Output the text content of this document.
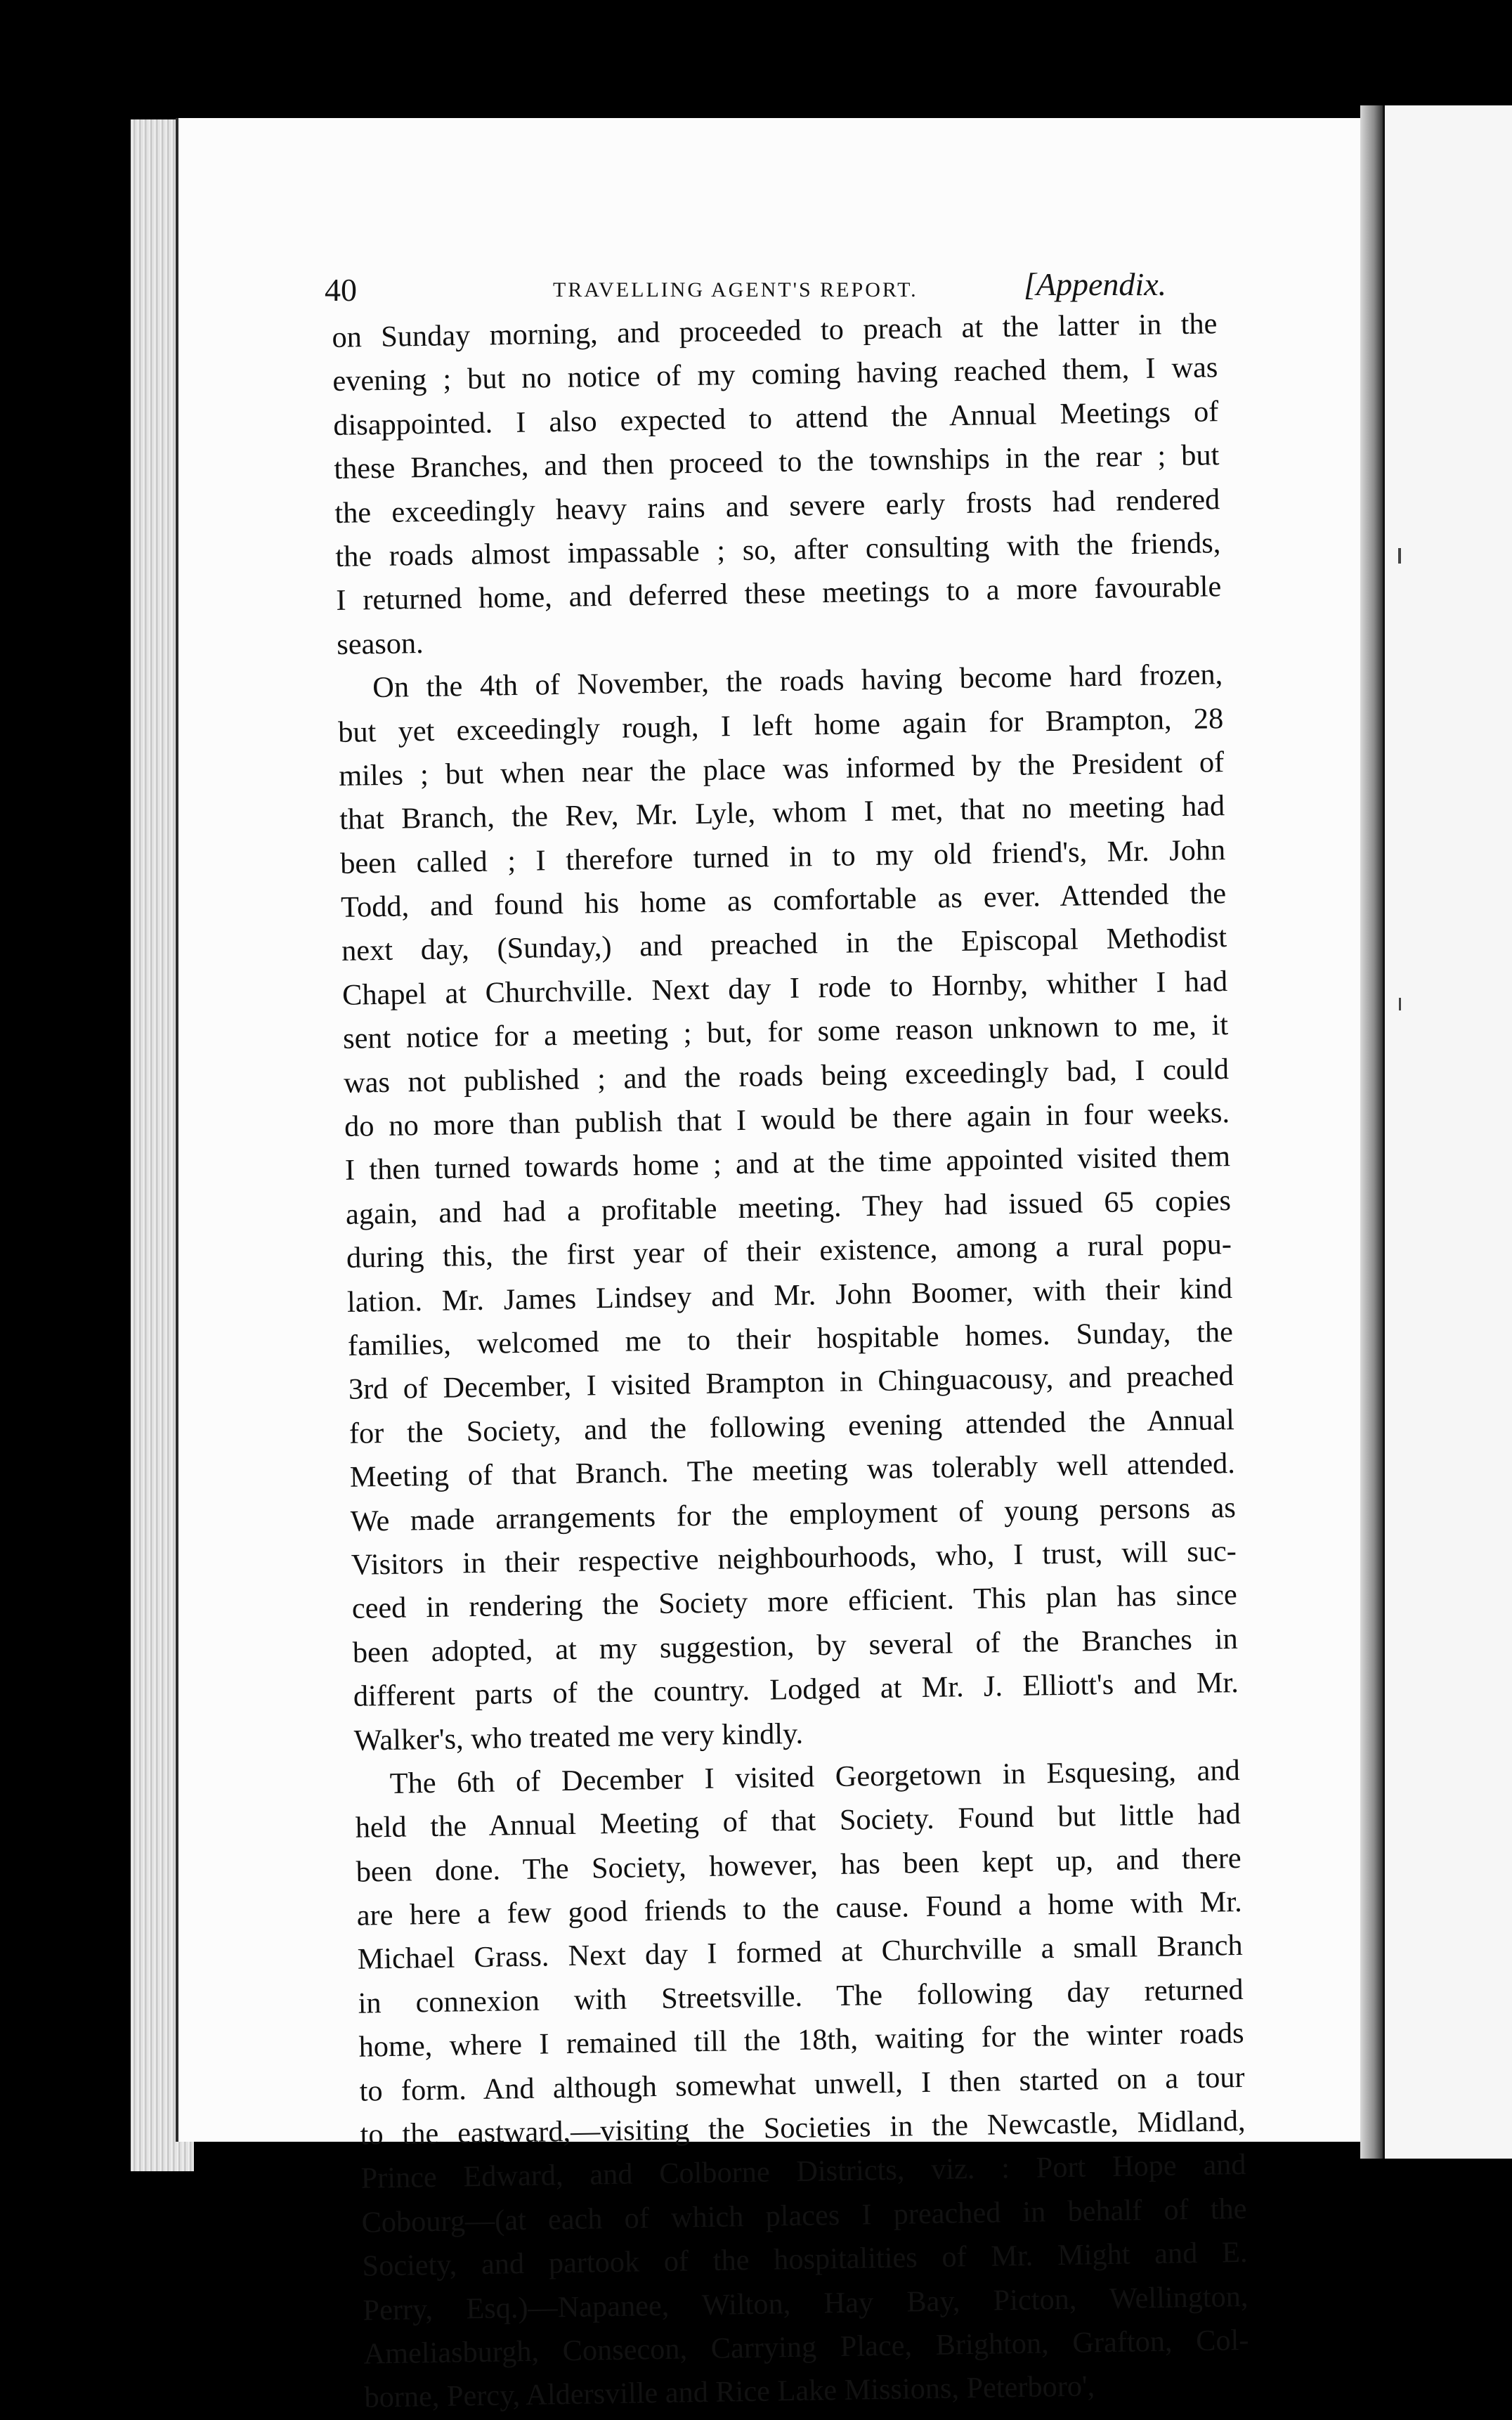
40	TRAVELLING AGENT'S REPORT.	[Appendix.
on Sunday morning, and proceeded to preach at the latter in the
evening ; but no notice of my coming having reached them, I was
disappointed. I also expected to attend the Annual Meetings of
these Branches, and then proceed to the townships in the rear ; but
the exceedingly heavy rains and severe early frosts had rendered
the roads almost impassable ; so, after consulting with the friends,
I returned home, and deferred these meetings to a more favourable
season.
On the 4th of November, the roads having become hard frozen,
but yet exceedingly rough, I left home again for Brampton, 28
miles ; but when near the place was informed by the President of
that Branch, the Rev, Mr. Lyle, whom I met, that no meeting had
been called ; I therefore turned in to my old friend's, Mr. John
Todd, and found his home as comfortable as ever. Attended the
next day, (Sunday,) and preached in the Episcopal Methodist
Chapel at Churchville. Next day I rode to Hornby, whither I had
sent notice for a meeting ; but, for some reason unknown to me, it
was not published ; and the roads being exceedingly bad, I could
do no more than publish that I would be there again in four weeks.
I then turned towards home ; and at the time appointed visited them
again, and had a profitable meeting. They had issued 65 copies
during this, the first year of their existence, among a rural popu-
lation. Mr. James Lindsey and Mr. John Boomer, with their kind
families, welcomed me to their hospitable homes. Sunday, the
3rd of December, I visited Brampton in Chinguacousy, and preached
for the Society, and the following evening attended the Annual
Meeting of that Branch. The meeting was tolerably well attended.
We made arrangements for the employment of young persons as
Visitors in their respective neighbourhoods, who, I trust, will suc-
ceed in rendering the Society more efficient. This plan has since
been adopted, at my suggestion, by several of the Branches in
different parts of the country. Lodged at Mr. J. Elliott's and Mr.
Walker's, who treated me very kindly.
The 6th of December I visited Georgetown in Esquesing, and
held the Annual Meeting of that Society. Found but little had
been done. The Society, however, has been kept up, and there
are here a few good friends to the cause. Found a home with Mr.
Michael Grass. Next day I formed at Churchville a small Branch
in connexion with Streetsville. The following day returned
home, where I remained till the 18th, waiting for the winter roads
to form. And although somewhat unwell, I then started on a tour
to the eastward,—visiting the Societies in the Newcastle, Midland,
Prince Edward, and Colborne Districts, viz. : Port Hope and
Cobourg—(at each of which places I preached in behalf of the
Society, and partook of the hospitalities of Mr. Might and E.
Perry, Esq.)—Napanee, Wilton, Hay Bay, Picton, Wellington,
Ameliasburgh, Consecon, Carrying Place, Brighton, Grafton, Col-
borne, Percy, Aldersville and Rice Lake Missions, Peterboro',
